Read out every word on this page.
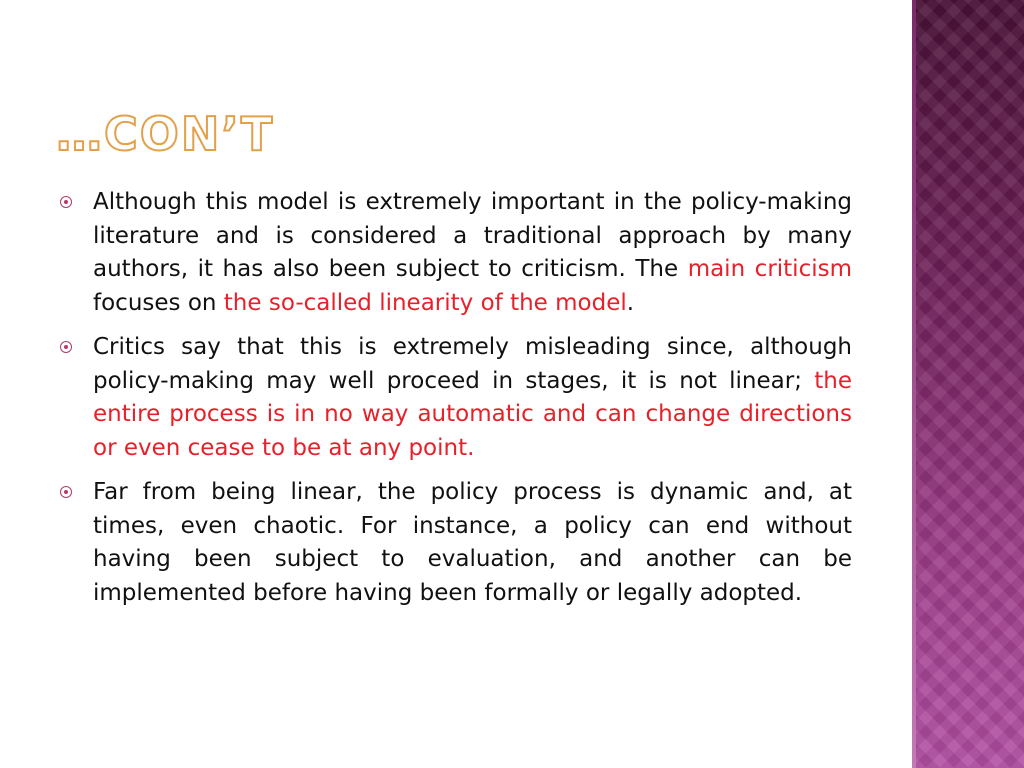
…CON’T

Although this model is extremely important in the policy-making literature and is considered a traditional approach by many authors, it has also been subject to criticism. The main criticism focuses on the so-called linearity of the model.

Critics say that this is extremely misleading since, although policy-making may well proceed in stages, it is not linear; the entire process is in no way automatic and can change directions or even cease to be at any point.

Far from being linear, the policy process is dynamic and, at times, even chaotic. For instance, a policy can end without having been subject to evaluation, and another can be implemented before having been formally or legally adopted.
